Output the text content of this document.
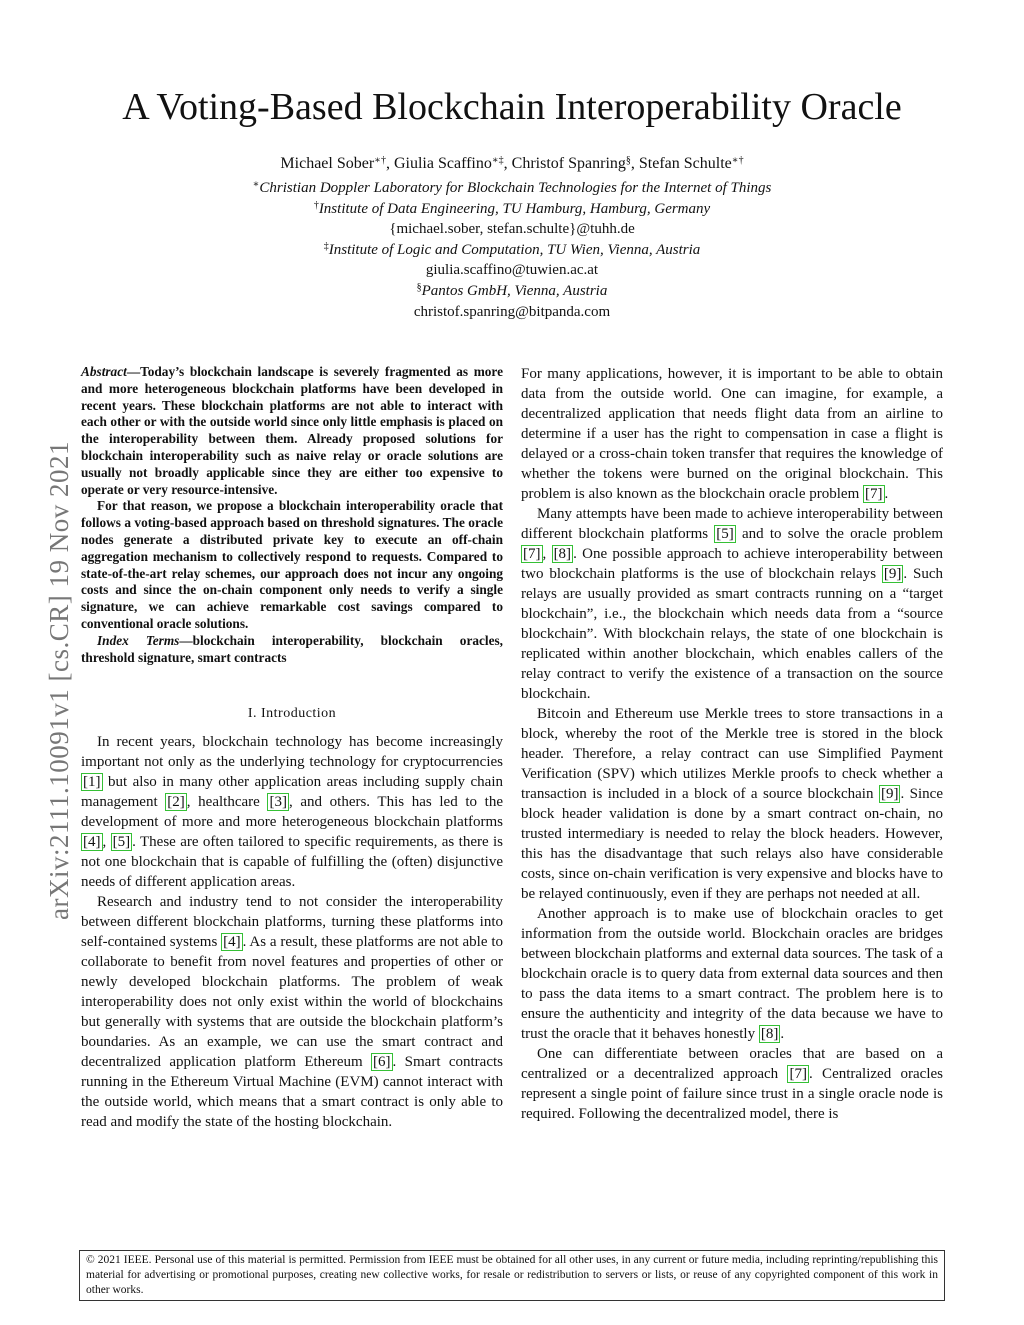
arXiv:2111.10091v1 [cs.CR] 19 Nov 2021
A Voting-Based Blockchain Interoperability Oracle
Michael Sober∗†, Giulia Scaffino∗‡, Christof Spanring§, Stefan Schulte∗†
∗Christian Doppler Laboratory for Blockchain Technologies for the Internet of Things
†Institute of Data Engineering, TU Hamburg, Hamburg, Germany
{michael.sober, stefan.schulte}@tuhh.de
‡Institute of Logic and Computation, TU Wien, Vienna, Austria
giulia.scaffino@tuwien.ac.at
§Pantos GmbH, Vienna, Austria
christof.spanring@bitpanda.com

Abstract—Today’s blockchain landscape is severely fragmented as more and more heterogeneous blockchain platforms have been developed in recent years. These blockchain platforms are not able to interact with each other or with the outside world since only little emphasis is placed on the interoperability between them. Already proposed solutions for blockchain interoperability such as naive relay or oracle solutions are usually not broadly applicable since they are either too expensive to operate or very resource-intensive.

For that reason, we propose a blockchain interoperability oracle that follows a voting-based approach based on threshold signatures. The oracle nodes generate a distributed private key to execute an off-chain aggregation mechanism to collectively respond to requests. Compared to state-of-the-art relay schemes, our approach does not incur any ongoing costs and since the on-chain component only needs to verify a single signature, we can achieve remarkable cost savings compared to conventional oracle solutions.

Index Terms—blockchain interoperability, blockchain oracles, threshold signature, smart contracts

I. Introduction

In recent years, blockchain technology has become increasingly important not only as the underlying technology for cryptocurrencies [1] but also in many other application areas including supply chain management [2] , healthcare [3] , and others. This has led to the development of more and more heterogeneous blockchain platforms [4] , [5] . These are often tailored to specific requirements, as there is not one blockchain that is capable of fulfilling the (often) disjunctive needs of different application areas.

Research and industry tend to not consider the interoperability between different blockchain platforms, turning these platforms into self-contained systems [4] . As a result, these platforms are not able to collaborate to benefit from novel features and properties of other or newly developed blockchain platforms. The problem of weak interoperability does not only exist within the world of blockchains but generally with systems that are outside the blockchain platform’s boundaries. As an example, we can use the smart contract and decentralized application platform Ethereum [6] . Smart contracts running in the Ethereum Virtual Machine (EVM) cannot interact with the outside world, which means that a smart contract is only able to read and modify the state of the hosting blockchain.

For many applications, however, it is important to be able to obtain data from the outside world. One can imagine, for example, a decentralized application that needs flight data from an airline to determine if a user has the right to compensation in case a flight is delayed or a cross-chain token transfer that requires the knowledge of whether the tokens were burned on the original blockchain. This problem is also known as the blockchain oracle problem [7] .

Many attempts have been made to achieve interoperability between different blockchain platforms [5] and to solve the oracle problem [7] , [8] . One possible approach to achieve interoperability between two blockchain platforms is the use of blockchain relays [9] . Such relays are usually provided as smart contracts running on a “target blockchain”, i.e., the blockchain which needs data from a “source blockchain”. With blockchain relays, the state of one blockchain is replicated within another blockchain, which enables callers of the relay contract to verify the existence of a transaction on the source blockchain.

Bitcoin and Ethereum use Merkle trees to store transactions in a block, whereby the root of the Merkle tree is stored in the block header. Therefore, a relay contract can use Simplified Payment Verification (SPV) which utilizes Merkle proofs to check whether a transaction is included in a block of a source blockchain [9] . Since block header validation is done by a smart contract on-chain, no trusted intermediary is needed to relay the block headers. However, this has the disadvantage that such relays also have considerable costs, since on-chain verification is very expensive and blocks have to be relayed continuously, even if they are perhaps not needed at all.

Another approach is to make use of blockchain oracles to get information from the outside world. Blockchain oracles are bridges between blockchain platforms and external data sources. The task of a blockchain oracle is to query data from external data sources and then to pass the data items to a smart contract. The problem here is to ensure the authenticity and integrity of the data because we have to trust the oracle that it behaves honestly [8] .

One can differentiate between oracles that are based on a centralized or a decentralized approach [7] . Centralized oracles represent a single point of failure since trust in a single oracle node is required. Following the decentralized model, there is

© 2021 IEEE. Personal use of this material is permitted. Permission from IEEE must be obtained for all other uses, in any current or future media, including reprinting/republishing this material for advertising or promotional purposes, creating new collective works, for resale or redistribution to servers or lists, or reuse of any copyrighted component of this work in other works.
